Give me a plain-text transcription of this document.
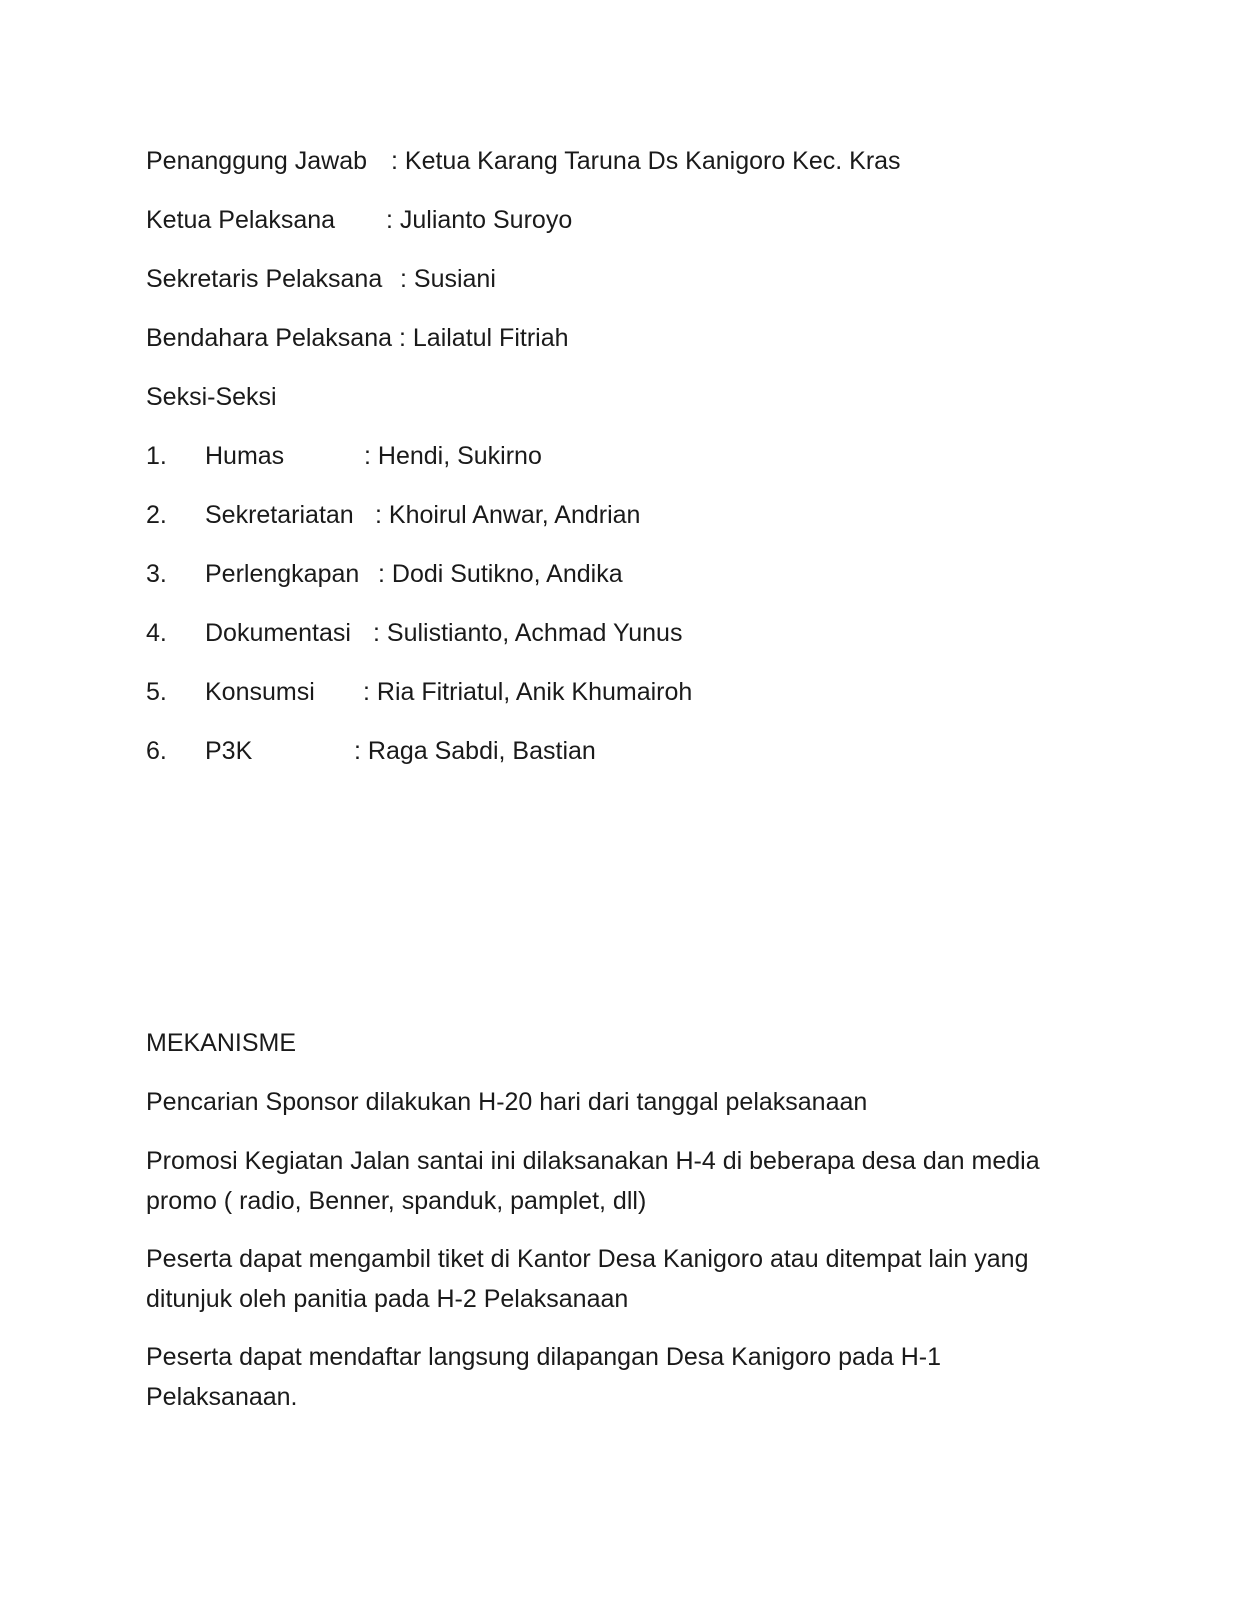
Penanggung Jawab : Ketua Karang Taruna Ds Kanigoro Kec. Kras
Ketua Pelaksana : Julianto Suroyo
Sekretaris Pelaksana : Susiani
Bendahara Pelaksana : Lailatul Fitriah
Seksi-Seksi
1. Humas	: Hendi, Sukirno
2. Sekretariatan : Khoirul Anwar, Andrian
3. Perlengkapan : Dodi Sutikno, Andika
4. Dokumentasi : Sulistianto, Achmad Yunus
5. Konsumsi : Ria Fitriatul, Anik Khumairoh
6. P3K	: Raga Sabdi, Bastian
MEKANISME
Pencarian Sponsor dilakukan H-20 hari dari tanggal pelaksanaan
Promosi Kegiatan Jalan santai ini dilaksanakan H-4 di beberapa desa dan media promo ( radio, Benner, spanduk, pamplet, dll)
Peserta dapat mengambil tiket di Kantor Desa Kanigoro atau ditempat lain yang ditunjuk oleh panitia pada H-2 Pelaksanaan
Peserta dapat mendaftar langsung dilapangan Desa Kanigoro pada H-1 Pelaksanaan.
